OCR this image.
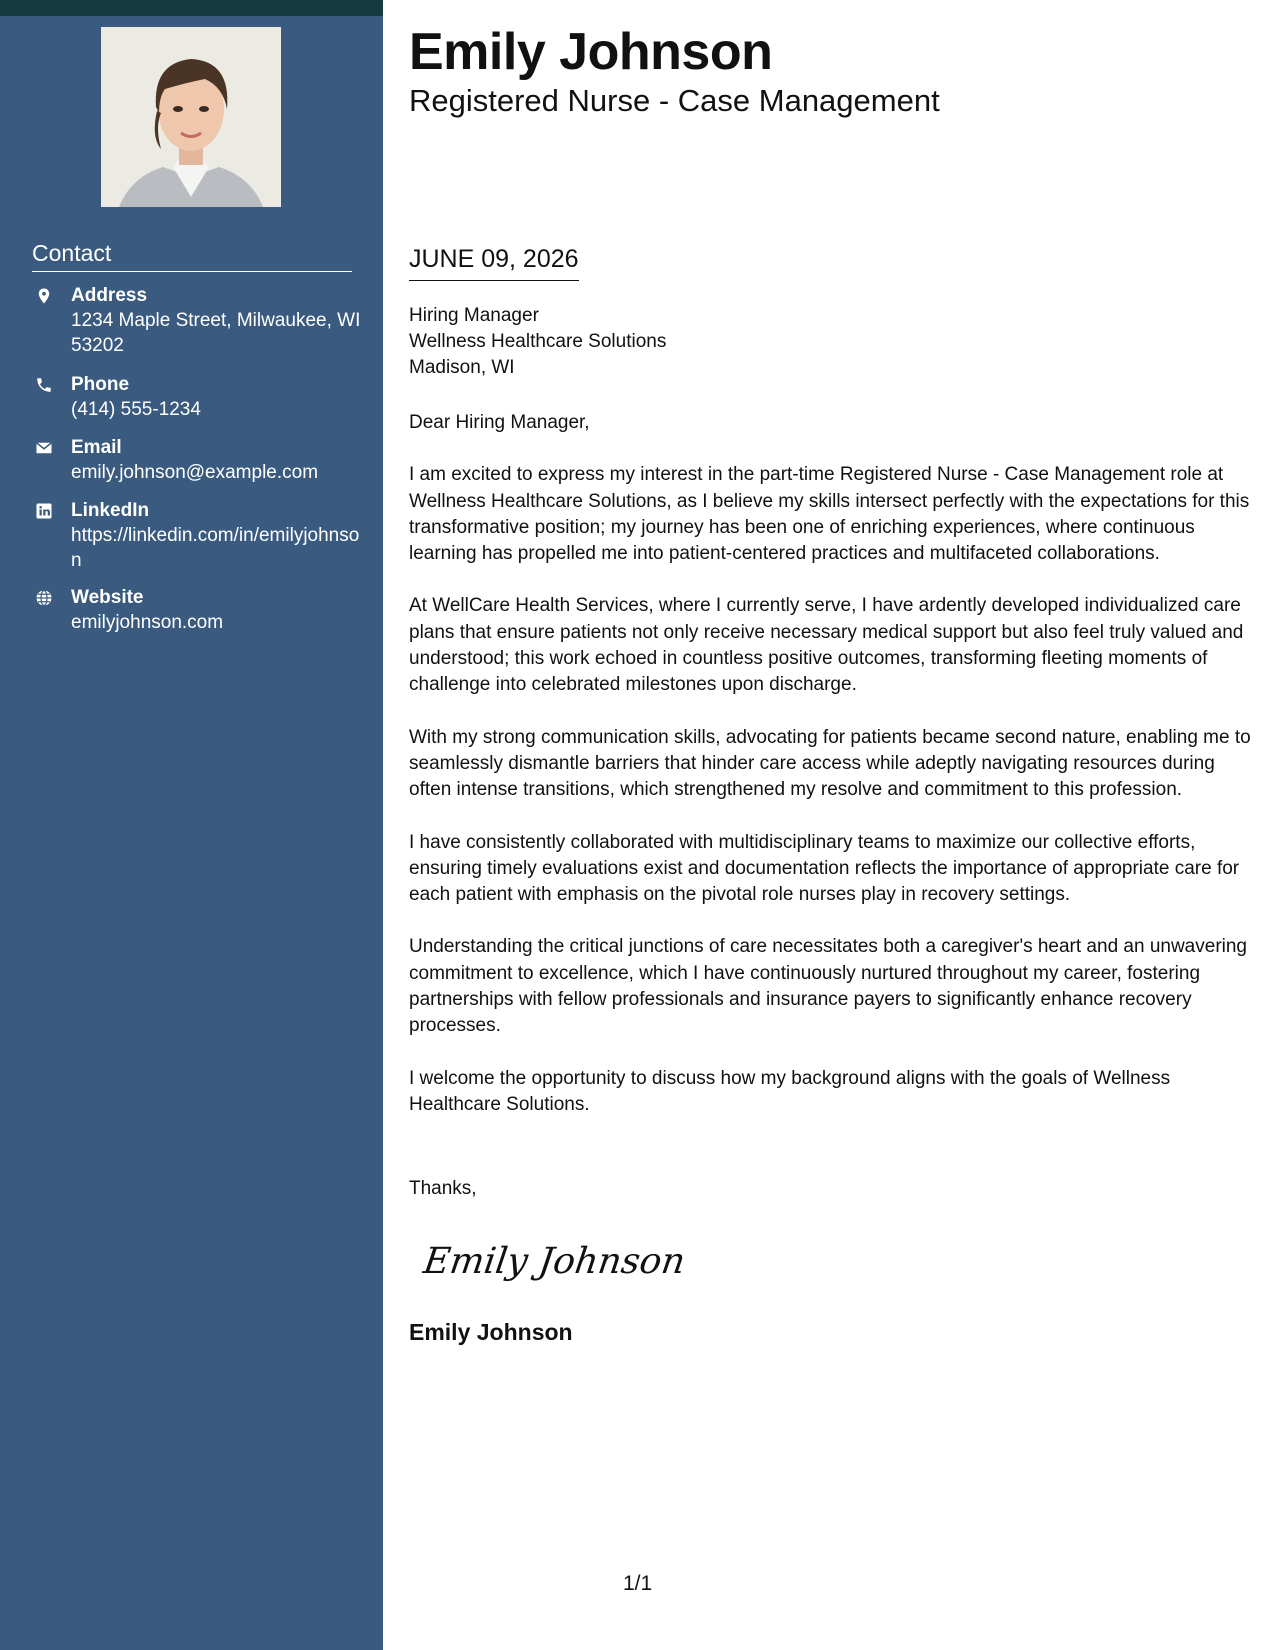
Contact
Address
1234 Maple Street, Milwaukee, WI 53202
Phone
(414) 555-1234
Email
emily.johnson@example.com
LinkedIn
https://linkedin.com/in/emilyjohnson
Website
emilyjohnson.com
Emily Johnson
Registered Nurse - Case Management
JUNE 09, 2026
Hiring Manager
Wellness Healthcare Solutions
Madison, WI

Dear Hiring Manager,

I am excited to express my interest in the part-time Registered Nurse - Case Management role at Wellness Healthcare Solutions, as I believe my skills intersect perfectly with the expectations for this transformative position; my journey has been one of enriching experiences, where continuous learning has propelled me into patient-centered practices and multifaceted collaborations.

At WellCare Health Services, where I currently serve, I have ardently developed individualized care plans that ensure patients not only receive necessary medical support but also feel truly valued and understood; this work echoed in countless positive outcomes, transforming fleeting moments of challenge into celebrated milestones upon discharge.

With my strong communication skills, advocating for patients became second nature, enabling me to seamlessly dismantle barriers that hinder care access while adeptly navigating resources during often intense transitions, which strengthened my resolve and commitment to this profession.

I have consistently collaborated with multidisciplinary teams to maximize our collective efforts, ensuring timely evaluations exist and documentation reflects the importance of appropriate care for each patient with emphasis on the pivotal role nurses play in recovery settings.

Understanding the critical junctions of care necessitates both a caregiver's heart and an unwavering commitment to excellence, which I have continuously nurtured throughout my career, fostering partnerships with fellow professionals and insurance payers to significantly enhance recovery processes.

I welcome the opportunity to discuss how my background aligns with the goals of Wellness Healthcare Solutions.

Thanks,
Emily Johnson
Emily Johnson
1/1
